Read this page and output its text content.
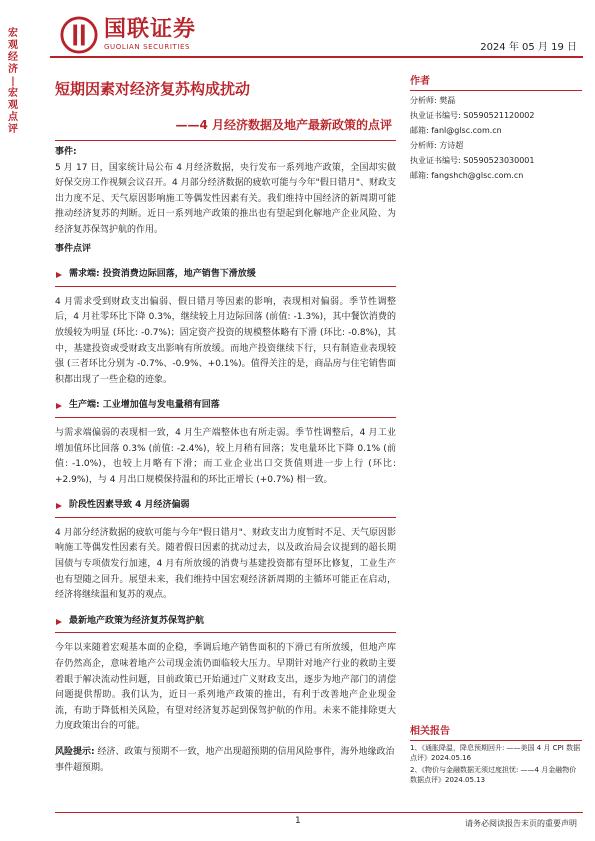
宏
观
经
济
|
宏
观
点
评
国联证券
GUOLIAN SECURITIES	2024 年 05 月 19 日
短期因素对经济复苏构成扰动
——4 月经济数据及地产最新政策的点评
事件:
5 月 17 日，国家统计局公布 4 月经济数据，央行发布一系列地产政策，全国却实做好保交房工作视频会议召开。4 月部分经济数据的疲软可能与今年"假日错月"、财政支出力度不足、天气原因影响施工等偶发性因素有关。我们维持中国经济的新周期可能推动经济复苏的判断。近日一系列地产政策的推出也有望起到化解地产企业风险、为经济复苏保驾护航的作用。
事件点评
需求端: 投资消费边际回落，地产销售下滑放缓
4 月需求受到财政支出偏弱、假日错月等因素的影响，表现相对偏弱。季节性调整后，4 月社零环比下降 0.3%，继续较上月边际回落 (前值: -1.3%)，其中餐饮消费的放缓较为明显 (环比: -0.7%)；固定资产投资的规模整体略有下滑 (环比: -0.8%)，其中，基建投资或受财政支出影响有所放缓。而地产投资继续下行，只有制造业表现较强 (三者环比分别为 -0.7%、-0.9%、+0.1%)。值得关注的是，商品房与住宅销售面积都出现了一些企稳的迹象。
生产端: 工业增加值与发电量稍有回落
与需求端偏弱的表现相一致，4 月生产端整体也有所走弱。季节性调整后，4 月工业增加值环比回落 0.3% (前值: -2.4%)，较上月稍有回落；发电量环比下降 0.1% (前值: -1.0%)，也较上月略有下滑；而工业企业出口交货值则进一步上行 (环比: +2.9%)，与 4 月出口规模保持温和的环比正增长 (+0.7%) 相一致。
阶段性因素导致 4 月经济偏弱
4 月部分经济数据的疲软可能与今年"假日错月"、财政支出力度暂时不足、天气原因影响施工等偶发性因素有关。随着假日因素的扰动过去，以及政治局会议提到的超长期国债与专项债发行加速，4 月有所放缓的消费与基建投资都有望环比修复，工业生产也有望随之回升。展望未来，我们维持中国宏观经济新周期的主循环可能正在启动，经济将继续温和复苏的观点。
最新地产政策为经济复苏保驾护航
今年以来随着宏观基本面的企稳，季调后地产销售面积的下滑已有所放缓，但地产库存仍然高企，意味着地产公司现金流仍面临较大压力。早期针对地产行业的救助主要着眼于解决流动性问题，目前政策已开始通过广义财政支出，逐步为地产部门的清偿问题提供帮助。我们认为，近日一系列地产政策的推出，有利于改善地产企业现金流，有助于降低相关风险，有望对经济复苏起到保驾护航的作用。未来不能排除更大力度政策出台的可能。
风险提示: 经济、政策与预期不一致，地产出现超预期的信用风险事件，海外地缘政治事件超预期。
作者
分析师: 樊磊
执业证书编号: S0590521120002
邮箱: fanl@glsc.com.cn
分析师: 方诗超
执业证书编号: S0590523030001
邮箱: fangshch@glsc.com.cn
相关报告
1、《通胀降温，降息预期回升: ——美国 4 月 CPI 数据点评》2024.05.16
2、《物价与金融数据无须过度担忧: ——4 月金融物价数据点评》2024.05.13
1	请务必阅读报告末页的重要声明
